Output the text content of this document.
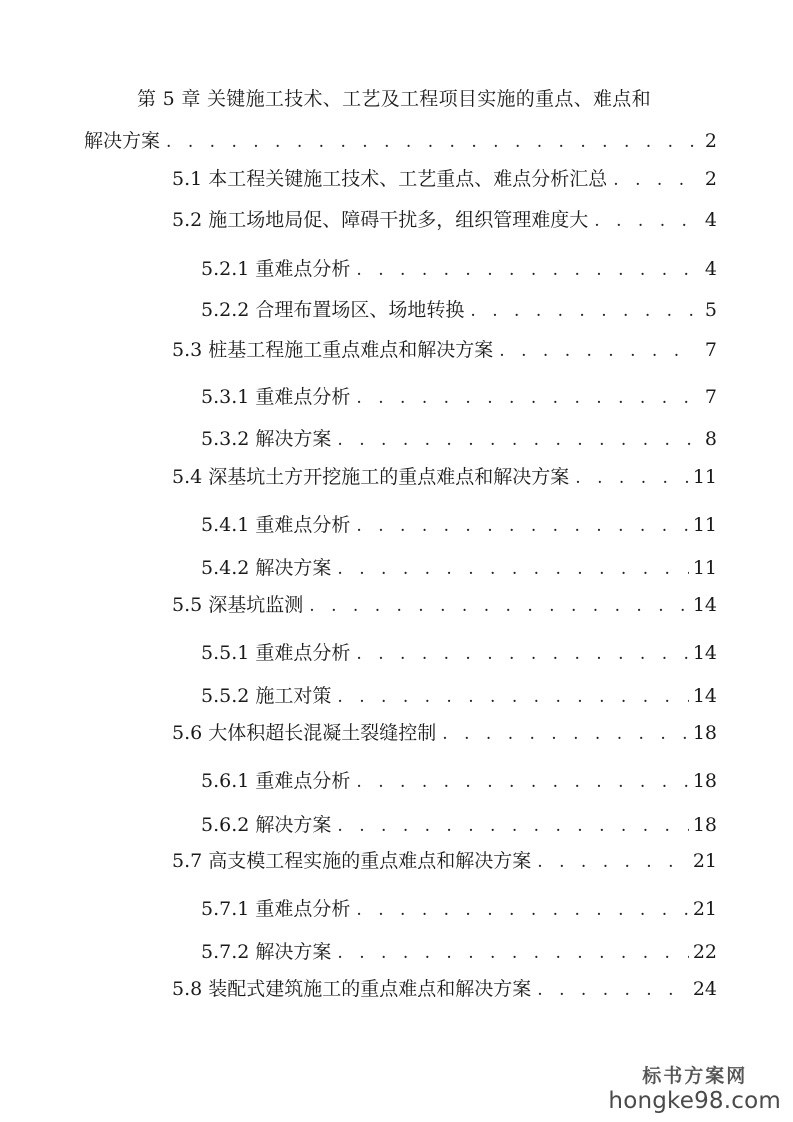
第 5 章 关键施工技术、工艺及工程项目实施的重点、难点和
解决方案 . . .	2
5.1 本工程关键施工技术、工艺重点、难点分析汇总 . . .	2
5.2 施工场地局促、障碍干扰多，组织管理难度大 . . .	4
5.2.1 重难点分析 . . .	4
5.2.2 合理布置场区、场地转换 . . .	5
5.3 桩基工程施工重点难点和解决方案 . . .	7
5.3.1 重难点分析 . . .	7
5.3.2 解决方案 . . .	8
5.4 深基坑土方开挖施工的重点难点和解决方案 . . .	11
5.4.1 重难点分析 . . .	11
5.4.2 解决方案 . . .	11
5.5 深基坑监测 . . .	14
5.5.1 重难点分析 . . .	14
5.5.2 施工对策 . . .	14
5.6 大体积超长混凝土裂缝控制 . . .	18
5.6.1 重难点分析 . . .	18
5.6.2 解决方案 . . .	18
5.7 高支模工程实施的重点难点和解决方案 . . .	21
5.7.1 重难点分析 . . .	21
5.7.2 解决方案 . . .	22
5.8 装配式建筑施工的重点难点和解决方案 . . .	24
标书方案网
hongke98.com
